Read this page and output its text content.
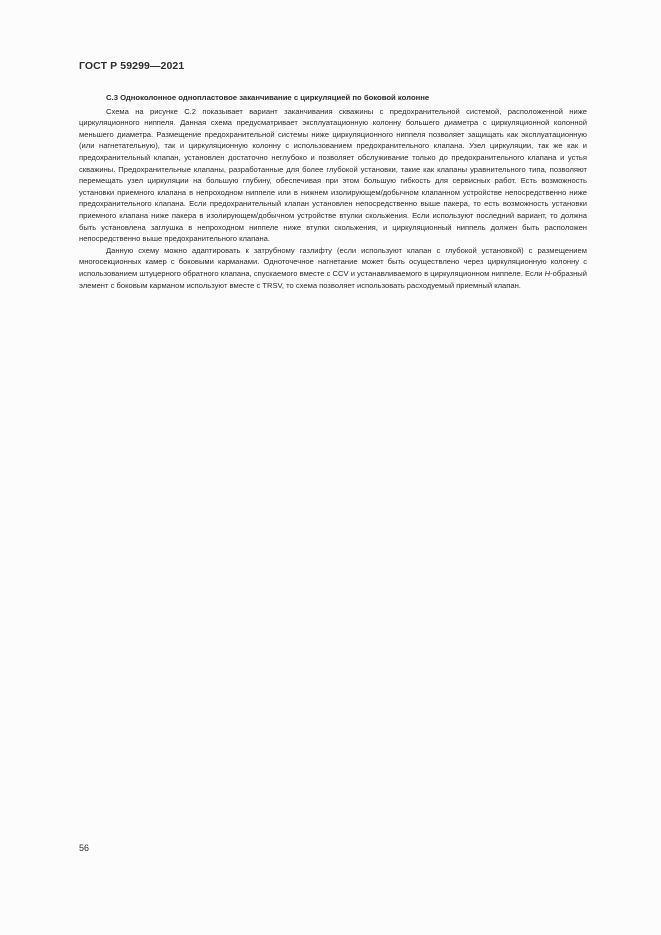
ГОСТ Р 59299—2021

С.3 Одноколонное однопластовое заканчивание с циркуляцией по боковой колонне

Схема на рисунке С.2 показывает вариант заканчивания скважины с предохранительной системой, расположенной ниже циркуляционного ниппеля. Данная схема предусматривает эксплуатационную колонну большего диаметра с циркуляционной колонной меньшего диаметра. Размещение предохранительной системы ниже циркуляционного ниппеля позволяет защищать как эксплуатационную (или нагнетательную), так и циркуляционную колонну с использованием предохранительного клапана. Узел циркуляции, так же как и предохранительный клапан, установлен достаточно неглубоко и позволяет обслуживание только до предохранительного клапана и устья скважины. Предохранительные клапаны, разработанные для более глубокой установки, такие как клапаны уравнительного типа, позволяют перемещать узел циркуляции на большую глубину, обеспечивая при этом большую гибкость для сервисных работ. Есть возможность установки приемного клапана в непроходном ниппеле или в нижнем изолирующем/добычном клапанном устройстве непосредственно ниже предохранительного клапана. Если предохранительный клапан установлен непосредственно выше пакера, то есть возможность установки приемного клапана ниже пакера в изолирующем/добычном устройстве втулки скольжения. Если используют последний вариант, то должна быть установлена заглушка в непроходном ниппеле ниже втулки скольжения, и циркуляционный ниппель должен быть расположен непосредственно выше предохранительного клапана.

Данную схему можно адаптировать к затрубному газлифту (если используют клапан с глубокой установкой) с размещением многосекционных камер с боковыми карманами. Одноточечное нагнетание может быть осуществлено через циркуляционную колонну с использованием штуцерного обратного клапана, спускаемого вместе с CCV и устанавливаемого в циркуляционном ниппеле. Если Н-образный элемент с боковым карманом используют вместе с TRSV, то схема позволяет использовать расходуемый приемный клапан.

56
